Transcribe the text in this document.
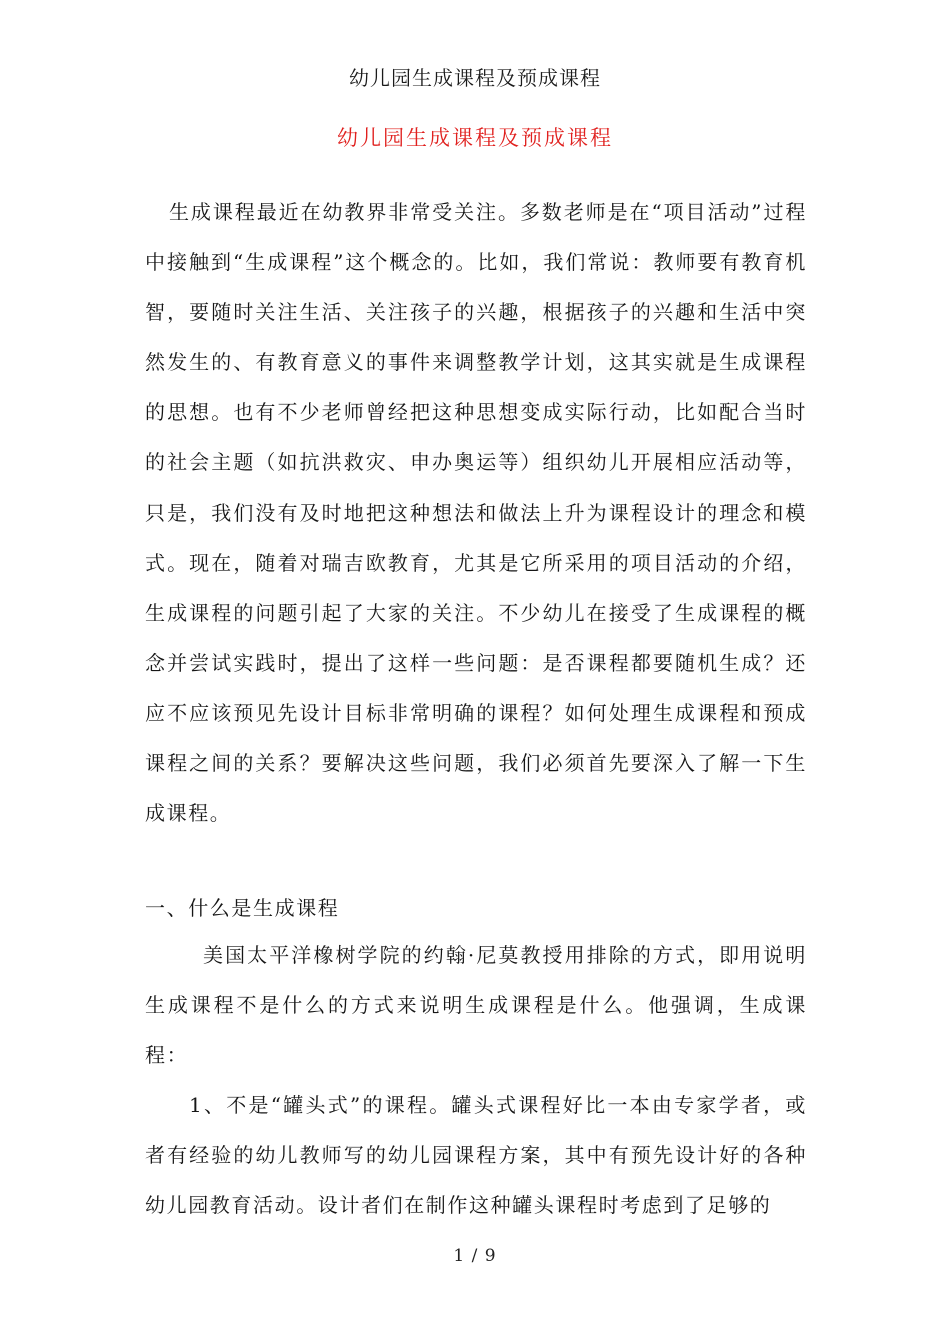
幼儿园生成课程及预成课程
幼儿园生成课程及预成课程
生成课程最近在幼教界非常受关注。多数老师是在“项目活动”过程中接触到“生成课程”这个概念的。比如，我们常说：教师要有教育机智，要随时关注生活、关注孩子的兴趣，根据孩子的兴趣和生活中突然发生的、有教育意义的事件来调整教学计划，这其实就是生成课程的思想。也有不少老师曾经把这种思想变成实际行动，比如配合当时的社会主题（如抗洪救灾、申办奥运等）组织幼儿开展相应活动等，只是，我们没有及时地把这种想法和做法上升为课程设计的理念和模式。现在，随着对瑞吉欧教育，尤其是它所采用的项目活动的介绍，生成课程的问题引起了大家的关注。不少幼儿在接受了生成课程的概念并尝试实践时，提出了这样一些问题：是否课程都要随机生成？还应不应该预见先设计目标非常明确的课程？如何处理生成课程和预成课程之间的关系？要解决这些问题，我们必须首先要深入了解一下生成课程。
一、什么是生成课程
美国太平洋橡树学院的约翰·尼莫教授用排除的方式，即用说明生成课程不是什么的方式来说明生成课程是什么。他强调，生成课程：
1、不是“罐头式”的课程。罐头式课程好比一本由专家学者，或者有经验的幼儿教师写的幼儿园课程方案，其中有预先设计好的各种幼儿园教育活动。设计者们在制作这种罐头课程时考虑到了足够的
1 / 9
